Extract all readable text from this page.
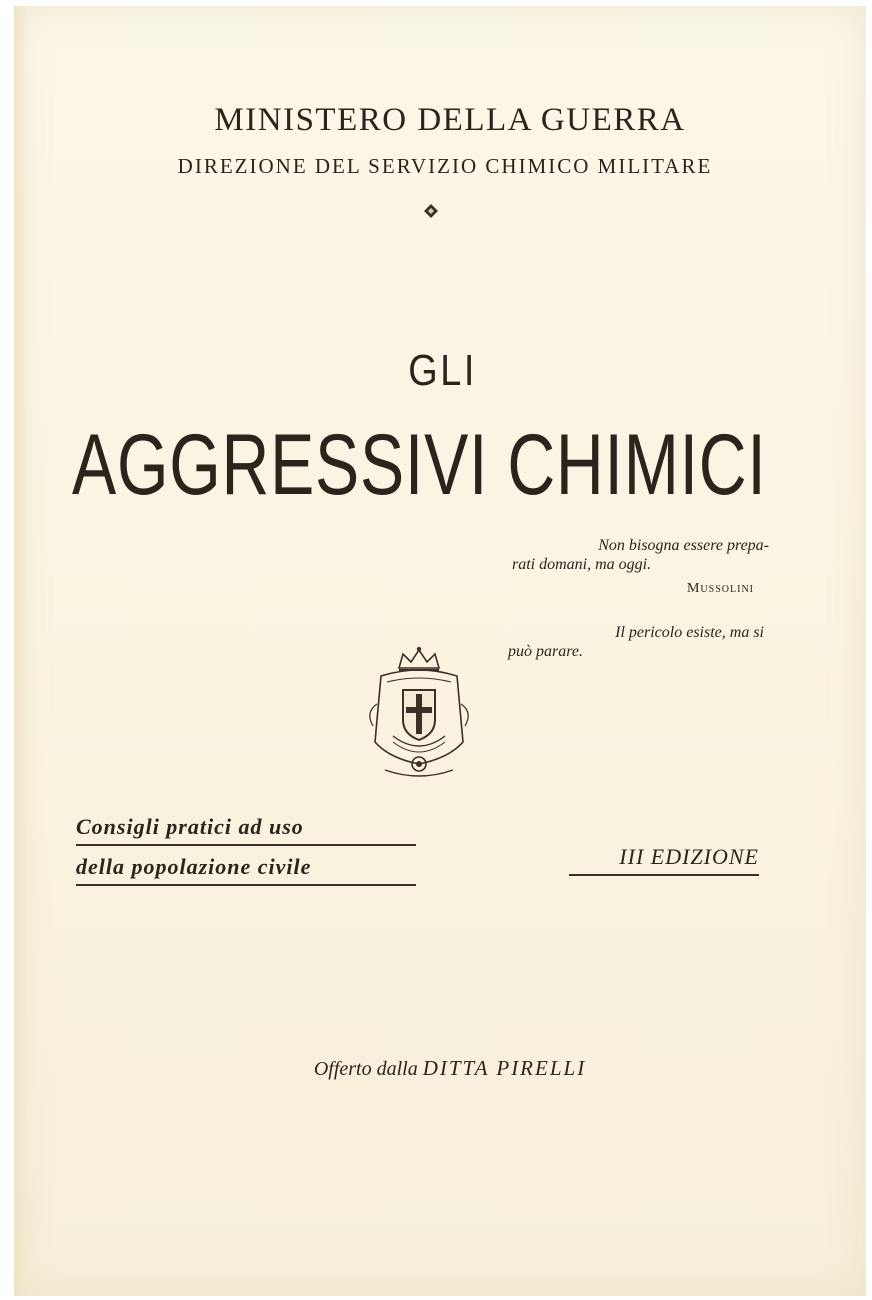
MINISTERO DELLA GUERRA
DIREZIONE DEL SERVIZIO CHIMICO MILITARE
GLI
AGGRESSIVI CHIMICI
Non bisogna essere prepa-
rati domani, ma oggi.
Mussolini
Il pericolo esiste, ma si
può parare.
Consigli pratici ad uso
della popolazione civile	III EDIZIONE
Offerto dalla DITTA PIRELLI
